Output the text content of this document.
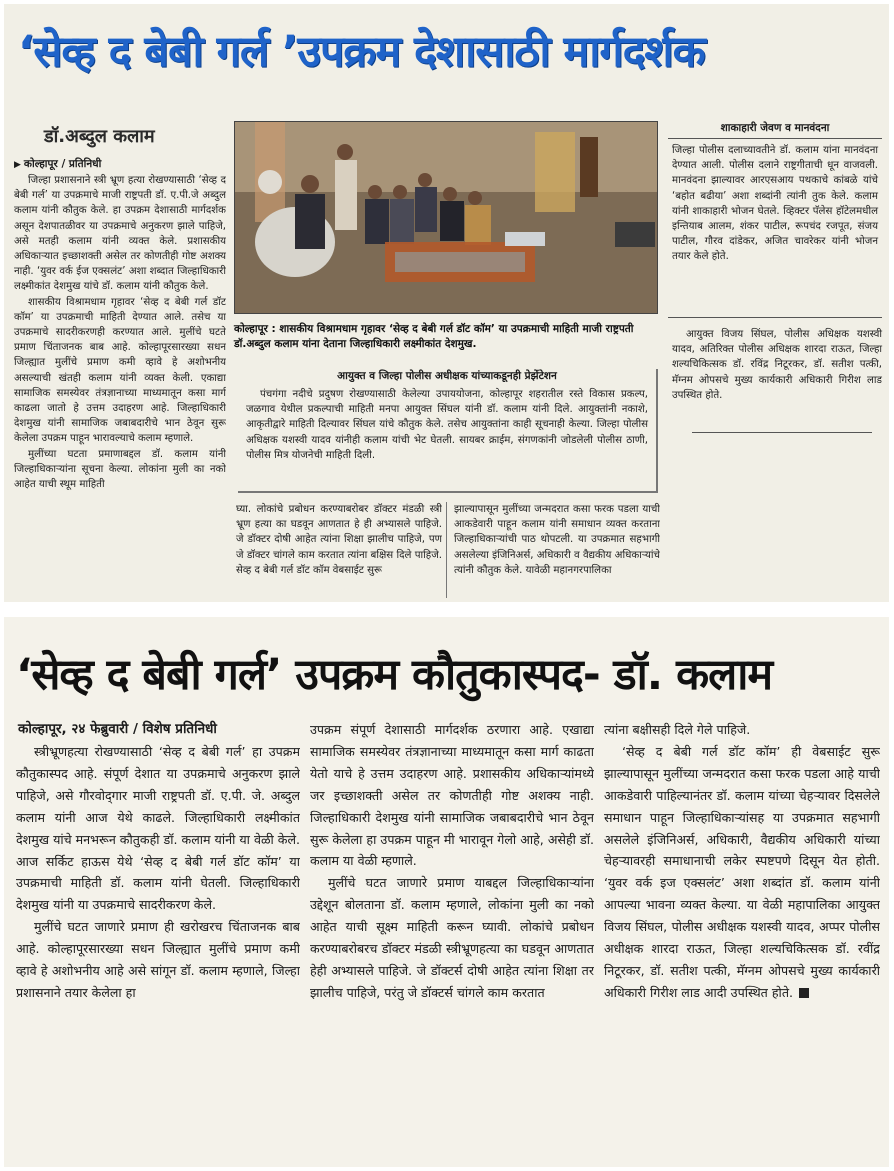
‘सेव्ह द बेबी गर्ल ’उपक्रम देशासाठी मार्गदर्शक
डॉ.अब्दुल कलाम
▶ कोल्हापूर / प्रतिनिधी

जिल्हा प्रशासनाने स्त्री भ्रूण हत्या रोखण्यासाठी ‘सेव्ह द बेबी गर्ल’ या उपक्रमाचे माजी राष्ट्रपती डॉ. ए.पी.जे अब्दुल कलाम यांनी कौतुक केले. हा उपक्रम देशासाठी मार्गदर्शक असून देशपातळीवर या उपक्रमाचे अनुकरण झाले पाहिजे, असे मतही कलाम यांनी व्यक्त केले. प्रशासकीय अधिकाऱ्यात इच्छाशक्ती असेल तर कोणतीही गोष्ट अशक्य नाही. ‘युवर वर्क ईज एक्सलंट’ अशा शब्दात जिल्हाधिकारी लक्ष्मीकांत देशमुख यांचे डॉ. कलाम यांनी कौतुक केले.

शासकीय विश्रामधाम गृहावर ‘सेव्ह द बेबी गर्ल डॉट कॉम’ या उपक्रमाची माहिती देण्यात आले. तसेच या उपक्रमाचे सादरीकरणही करण्यात आले. मुलींचे घटते प्रमाण चिंताजनक बाब आहे. कोल्हापूरसारख्या सधन जिल्ह्यात मुलींचे प्रमाण कमी व्हावे हे अशोभनीय असल्याची खंतही कलाम यांनी व्यक्त केली. एकाद्या सामाजिक समस्येवर तंत्रज्ञानाच्या माध्यमातून कसा मार्ग काढला जातो हे उत्तम उदाहरण आहे. जिल्हाधिकारी देशमुख यांनी सामाजिक जबाबदारीचे भान ठेवून सुरू केलेला उपक्रम पाहून भारावल्याचे कलाम म्हणाले.

मुलींच्या घटता प्रमाणाबद्दल डॉ. कलाम यांनी जिल्हाधिकाऱ्यांना सूचना केल्या. लोकांना मुली का नको आहेत याची स्थूम माहिती

कोल्हापूर : शासकीय विश्रामधाम गृहावर ‘सेव्ह द बेबी गर्ल डॉट कॉम’ या उपक्रमाची माहिती माजी राष्ट्रपती डॉ.अब्दुल कलाम यांना देताना जिल्हाधिकारी लक्ष्मीकांत देशमुख.
शाकाहारी जेवण व मानवंदना
जिल्हा पोलीस दलाच्यावतीने डॉ. कलाम यांना मानवंदना देण्यात आली. पोलीस दलाने राष्ट्रगीताची धून वाजवली. मानवंदना झाल्यावर आरएसआय पथकाचे कांबळे यांचे ‘बहोत बढीया’ अशा शब्दांनी त्यांनी तुक केले. कलाम यांनी शाकाहारी भोजन घेतले. व्हिक्टर पॅलेस हॉटेलमधील इन्तियाब आलम, शंकर पाटील, रूपचंद रजपूत, संजय पाटील, गौरव दांडेकर, अजित चावरेकर यांनी भोजन तयार केले होते.
आयुक्त विजय सिंघल, पोलीस अधिक्षक यशस्वी यादव, अतिरिक्त पोलीस अधिक्षक शारदा राऊत, जिल्हा शल्यचिकित्सक डॉ. रविंद्र निटूरकर, डॉ. सतीश पत्की, मॅग्नम ओपसचे मुख्य कार्यकारी अधिकारी गिरीश लाड उपस्थित होते.
आयुक्त व जिल्हा पोलीस अधीक्षक यांच्याकडूनही प्रेझेंटेशन
पंचगंगा नदीचे प्रदुषण रोखण्यासाठी केलेल्या उपाययोजना, कोल्हापूर शहरातील रस्ते विकास प्रकल्प, जळगाव येथील प्रकल्पाची माहिती मनपा आयुक्त सिंघल यांनी डॉ. कलाम यांनी दिले. आयुक्तांनी नकाशे, आकृतीद्वारे माहिती दिल्यावर सिंघल यांचे कौतुक केले. तसेच आयुक्तांना काही सूचनाही केल्या. जिल्हा पोलीस अधिक्षक यशस्वी यादव यांनीही कलाम यांची भेट घेतली. सायबर क्राईम, संगणकांनी जोडलेली पोलीस ठाणी, पोलीस मित्र योजनेची माहिती दिली.
घ्या. लोकांचे प्रबोधन करण्याबरोबर डॉक्टर मंडळी स्त्री भ्रूण हत्या का घडवून आणतात हे ही अभ्यासले पाहिजे. जे डॉक्टर दोषी आहेत त्यांना शिक्षा झालीच पाहिजे, पण जे डॉक्टर चांगले काम करतात त्यांना बक्षिस दिले पाहिजे. सेव्ह द बेबी गर्ल डॉट कॉम वेबसाईट सुरू
झाल्यापासून मुलींच्या जन्मदरात कसा फरक पडला याची आकडेवारी पाहून कलाम यांनी समाधान व्यक्त करताना जिल्हाधिकाऱ्यांची पाठ थोपटली. या उपक्रमात सहभागी असलेल्या इंजिनिअर्स, अधिकारी व वैद्यकीय अधिकाऱ्यांचे त्यांनी कौतुक केले. यावेळी महानगरपालिका
‘सेव्ह द बेबी गर्ल’ उपक्रम कौतुकास्पद- डॉ. कलाम
कोल्हापूर, २४ फेब्रुवारी / विशेष प्रतिनिधी

स्त्रीभ्रूणहत्या रोखण्यासाठी ‘सेव्ह द बेबी गर्ल’ हा उपक्रम कौतुकास्पद आहे. संपूर्ण देशात या उपक्रमाचे अनुकरण झाले पाहिजे, असे गौरवोद्‌गार माजी राष्ट्रपती डॉ. ए.पी. जे. अब्दुल कलाम यांनी आज येथे काढले. जिल्हाधिकारी लक्ष्मीकांत देशमुख यांचे मनभरून कौतुकही डॉ. कलाम यांनी या वेळी केले. आज सर्किट हाऊस येथे ‘सेव्ह द बेबी गर्ल डॉट कॉम’ या उपक्रमाची माहिती डॉ. कलाम यांनी घेतली. जिल्हाधिकारी देशमुख यांनी या उपक्रमाचे सादरीकरण केले.

मुलींचे घटत जाणारे प्रमाण ही खरोखरच चिंताजनक बाब आहे. कोल्हापूरसारख्या सधन जिल्ह्यात मुलींचे प्रमाण कमी व्हावे हे अशोभनीय आहे असे सांगून डॉ. कलाम म्हणाले, जिल्हा प्रशासनाने तयार केलेला हा

उपक्रम संपूर्ण देशासाठी मार्गदर्शक ठरणारा आहे. एखाद्या सामाजिक समस्येवर तंत्रज्ञानाच्या माध्यमातून कसा मार्ग काढता येतो याचे हे उत्तम उदाहरण आहे. प्रशासकीय अधिकाऱ्यांमध्ये जर इच्छाशक्ती असेल तर कोणतीही गोष्ट अशक्य नाही. जिल्हाधिकारी देशमुख यांनी सामाजिक जबाबदारीचे भान ठेवून सुरू केलेला हा उपक्रम पाहून मी भारावून गेलो आहे, असेही डॉ. कलाम या वेळी म्हणाले.

मुलींचे घटत जाणारे प्रमाण याबद्दल जिल्हाधिकाऱ्यांना उद्देशून बोलताना डॉ. कलाम म्हणाले, लोकांना मुली का नको आहेत याची सूक्ष्म माहिती करून घ्यावी. लोकांचे प्रबोधन करण्याबरोबरच डॉक्टर मंडळी स्त्रीभ्रूणहत्या का घडवून आणतात हेही अभ्यासले पाहिजे. जे डॉक्टर्स दोषी आहेत त्यांना शिक्षा तर झालीच पाहिजे, परंतु जे डॉक्टर्स चांगले काम करतात

त्यांना बक्षीसही दिले गेले पाहिजे.

‘सेव्ह द बेबी गर्ल डॉट कॉम’ ही वेबसाईट सुरू झाल्यापासून मुलींच्या जन्मदरात कसा फरक पडला आहे याची आकडेवारी पाहिल्यानंतर डॉ. कलाम यांच्या चेहऱ्यावर दिसलेले समाधान पाहून जिल्हाधिकाऱ्यांसह या उपक्रमात सहभागी असलेले इंजिनिअर्स, अधिकारी, वैद्यकीय अधिकारी यांच्या चेहऱ्यावरही समाधानाची लकेर स्पष्टपणे दिसून येत होती. ‘युवर वर्क इज एक्सलंट’ अशा शब्दांत डॉ. कलाम यांनी आपल्या भावना व्यक्त केल्या. या वेळी महापालिका आयुक्त विजय सिंघल, पोलीस अधीक्षक यशस्वी यादव, अप्पर पोलीस अधीक्षक शारदा राऊत, जिल्हा शल्यचिकित्सक डॉ. रवींद्र निटूरकर, डॉ. सतीश पत्की, मॅग्नम ओपसचे मुख्य कार्यकारी अधिकारी गिरीश लाड आदी उपस्थित होते.
